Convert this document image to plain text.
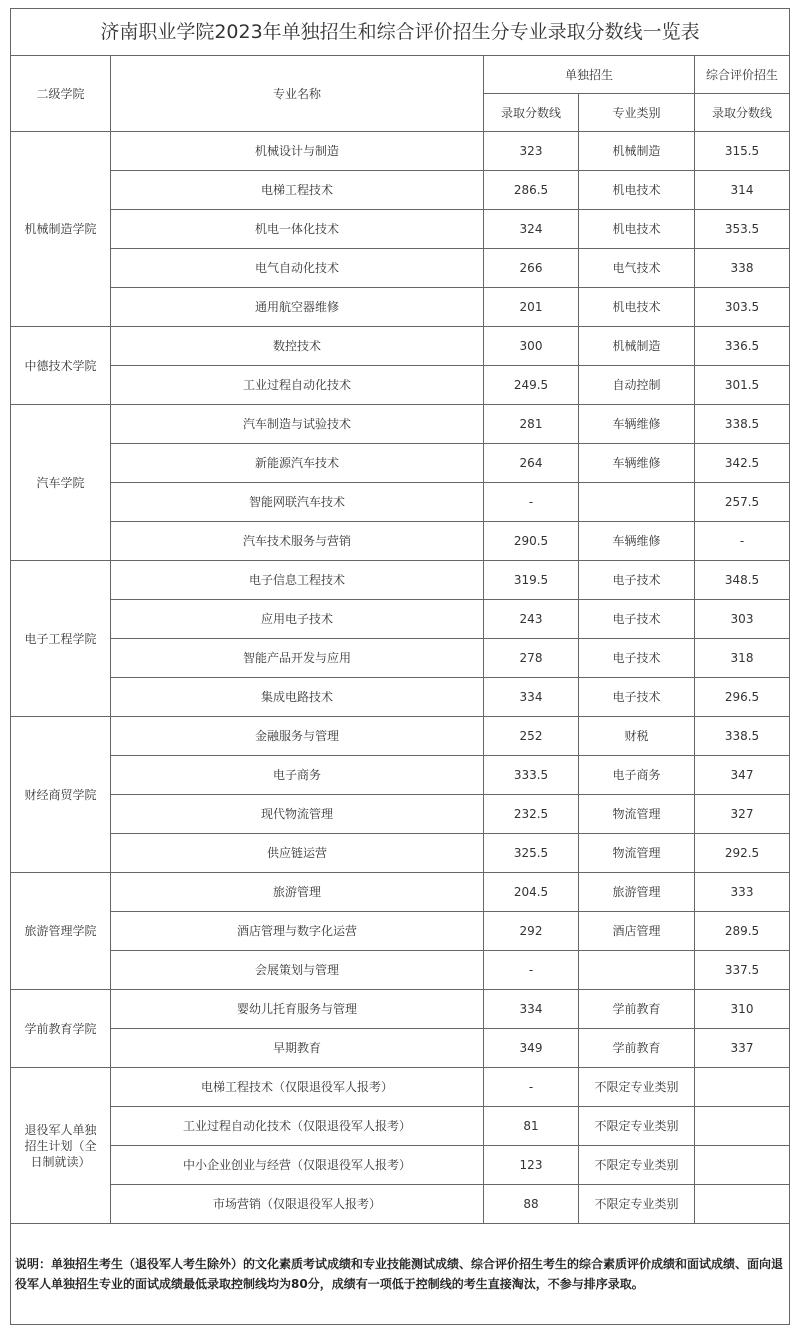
济南职业学院2023年单独招生和综合评价招生分专业录取分数线一览表				
二级学院	专业名称	单独招生		综合评价招生
		录取分数线	专业类别	录取分数线
机械制造学院	机械设计与制造	323	机械制造	315.5
	电梯工程技术	286.5	机电技术	314
	机电一体化技术	324	机电技术	353.5
	电气自动化技术	266	电气技术	338
	通用航空器维修	201	机电技术	303.5
中德技术学院	数控技术	300	机械制造	336.5
	工业过程自动化技术	249.5	自动控制	301.5
汽车学院	汽车制造与试验技术	281	车辆维修	338.5
	新能源汽车技术	264	车辆维修	342.5
	智能网联汽车技术	-		257.5
	汽车技术服务与营销	290.5	车辆维修	-
电子工程学院	电子信息工程技术	319.5	电子技术	348.5
	应用电子技术	243	电子技术	303
	智能产品开发与应用	278	电子技术	318
	集成电路技术	334	电子技术	296.5
财经商贸学院	金融服务与管理	252	财税	338.5
	电子商务	333.5	电子商务	347
	现代物流管理	232.5	物流管理	327
	供应链运营	325.5	物流管理	292.5
旅游管理学院	旅游管理	204.5	旅游管理	333
	酒店管理与数字化运营	292	酒店管理	289.5
	会展策划与管理	-		337.5
学前教育学院	婴幼儿托育服务与管理	334	学前教育	310
	早期教育	349	学前教育	337
退役军人单独招生计划（全日制就读）	电梯工程技术（仅限退役军人报考）	-	不限定专业类别	
	工业过程自动化技术（仅限退役军人报考）	81	不限定专业类别	
	中小企业创业与经营（仅限退役军人报考）	123	不限定专业类别	
	市场营销（仅限退役军人报考）	88	不限定专业类别	
说明：单独招生考生（退役军人考生除外）的文化素质考试成绩和专业技能测试成绩、综合评价招生考生的综合素质评价成绩和面试成绩、面向退役军人单独招生专业的面试成绩最低录取控制线均为80分，成绩有一项低于控制线的考生直接淘汰，不参与排序录取。				
